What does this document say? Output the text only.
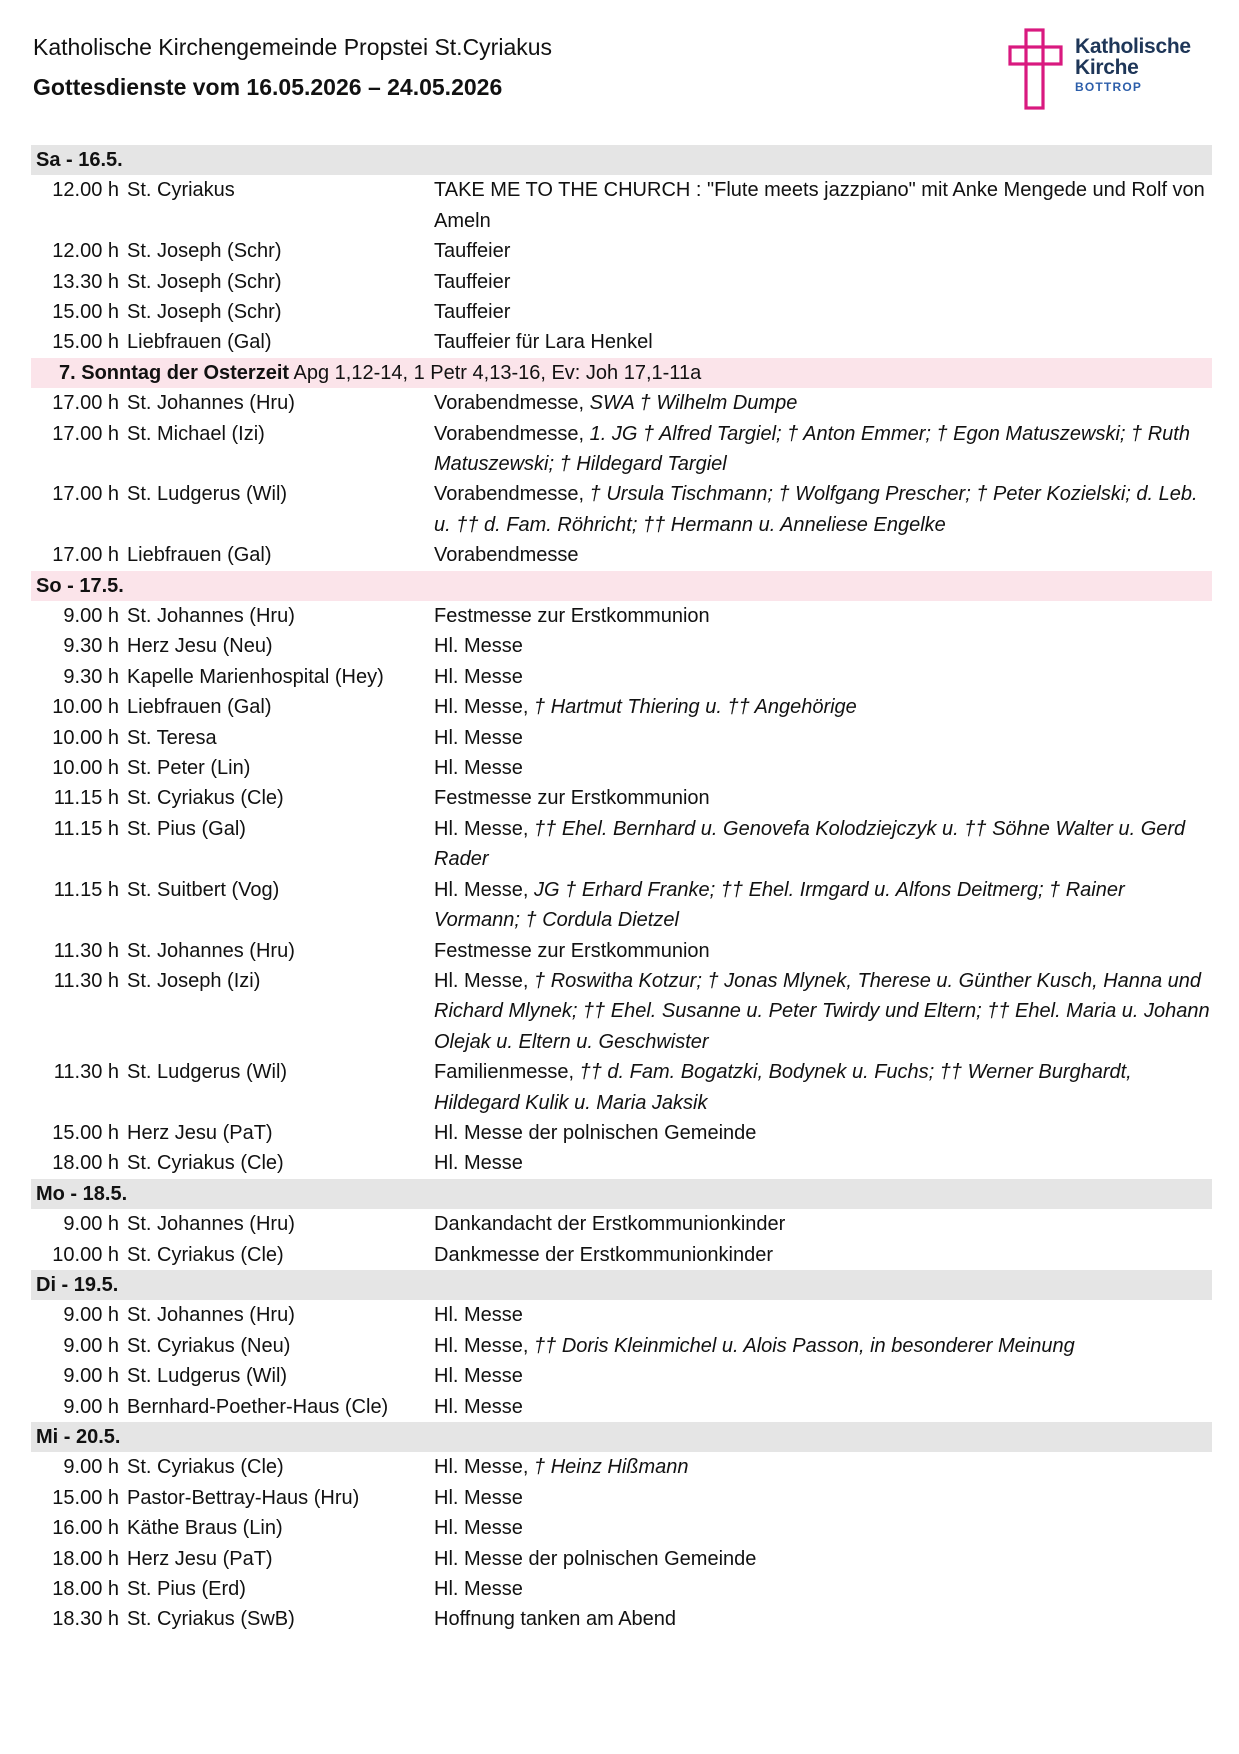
Katholische Kirchengemeinde Propstei St.Cyriakus
Gottesdienste vom 16.05.2026 – 24.05.2026
Katholische
Kirche
BOTTROP
Sa - 16.5.
12.00 h St. Cyriakus	TAKE ME TO THE CHURCH : "Flute meets jazzpiano" mit Anke Mengede und Rolf von Ameln
12.00 h St. Joseph (Schr)	Tauffeier
13.30 h St. Joseph (Schr)	Tauffeier
15.00 h St. Joseph (Schr)	Tauffeier
15.00 h Liebfrauen (Gal)	Tauffeier für Lara Henkel
7. Sonntag der Osterzeit Apg 1,12-14, 1 Petr 4,13-16, Ev: Joh 17,1-11a
17.00 h St. Johannes (Hru)	Vorabendmesse, SWA † Wilhelm Dumpe
17.00 h St. Michael (Izi)	Vorabendmesse, 1. JG † Alfred Targiel; † Anton Emmer; † Egon Matuszewski; † Ruth Matuszewski; † Hildegard Targiel
17.00 h St. Ludgerus (Wil)	Vorabendmesse, † Ursula Tischmann; † Wolfgang Prescher; † Peter Kozielski; d. Leb. u. †† d. Fam. Röhricht; †† Hermann u. Anneliese Engelke
17.00 h Liebfrauen (Gal)	Vorabendmesse
So - 17.5.
9.00 h St. Johannes (Hru)	Festmesse zur Erstkommunion
9.30 h Herz Jesu (Neu)	Hl. Messe
9.30 h Kapelle Marienhospital (Hey)	Hl. Messe
10.00 h Liebfrauen (Gal)	Hl. Messe, † Hartmut Thiering u. †† Angehörige
10.00 h St. Teresa	Hl. Messe
10.00 h St. Peter (Lin)	Hl. Messe
11.15 h St. Cyriakus (Cle)	Festmesse zur Erstkommunion
11.15 h St. Pius (Gal)	Hl. Messe, †† Ehel. Bernhard u. Genovefa Kolodziejczyk u. †† Söhne Walter u. Gerd Rader
11.15 h St. Suitbert (Vog)	Hl. Messe, JG † Erhard Franke; †† Ehel. Irmgard u. Alfons Deitmerg; † Rainer Vormann; † Cordula Dietzel
11.30 h St. Johannes (Hru)	Festmesse zur Erstkommunion
11.30 h St. Joseph (Izi)	Hl. Messe, † Roswitha Kotzur; † Jonas Mlynek, Therese u. Günther Kusch, Hanna und Richard Mlynek; †† Ehel. Susanne u. Peter Twirdy und Eltern; †† Ehel. Maria u. Johann Olejak u. Eltern u. Geschwister
11.30 h St. Ludgerus (Wil)	Familienmesse, †† d. Fam. Bogatzki, Bodynek u. Fuchs; †† Werner Burghardt, Hildegard Kulik u. Maria Jaksik
15.00 h Herz Jesu (PaT)	Hl. Messe der polnischen Gemeinde
18.00 h St. Cyriakus (Cle)	Hl. Messe
Mo - 18.5.
9.00 h St. Johannes (Hru)	Dankandacht der Erstkommunionkinder
10.00 h St. Cyriakus (Cle)	Dankmesse der Erstkommunionkinder
Di - 19.5.
9.00 h St. Johannes (Hru)	Hl. Messe
9.00 h St. Cyriakus (Neu)	Hl. Messe, †† Doris Kleinmichel u. Alois Passon, in besonderer Meinung
9.00 h St. Ludgerus (Wil)	Hl. Messe
9.00 h Bernhard-Poether-Haus (Cle)	Hl. Messe
Mi - 20.5.
9.00 h St. Cyriakus (Cle)	Hl. Messe, † Heinz Hißmann
15.00 h Pastor-Bettray-Haus (Hru)	Hl. Messe
16.00 h Käthe Braus (Lin)	Hl. Messe
18.00 h Herz Jesu (PaT)	Hl. Messe der polnischen Gemeinde
18.00 h St. Pius (Erd)	Hl. Messe
18.30 h St. Cyriakus (SwB)	Hoffnung tanken am Abend
